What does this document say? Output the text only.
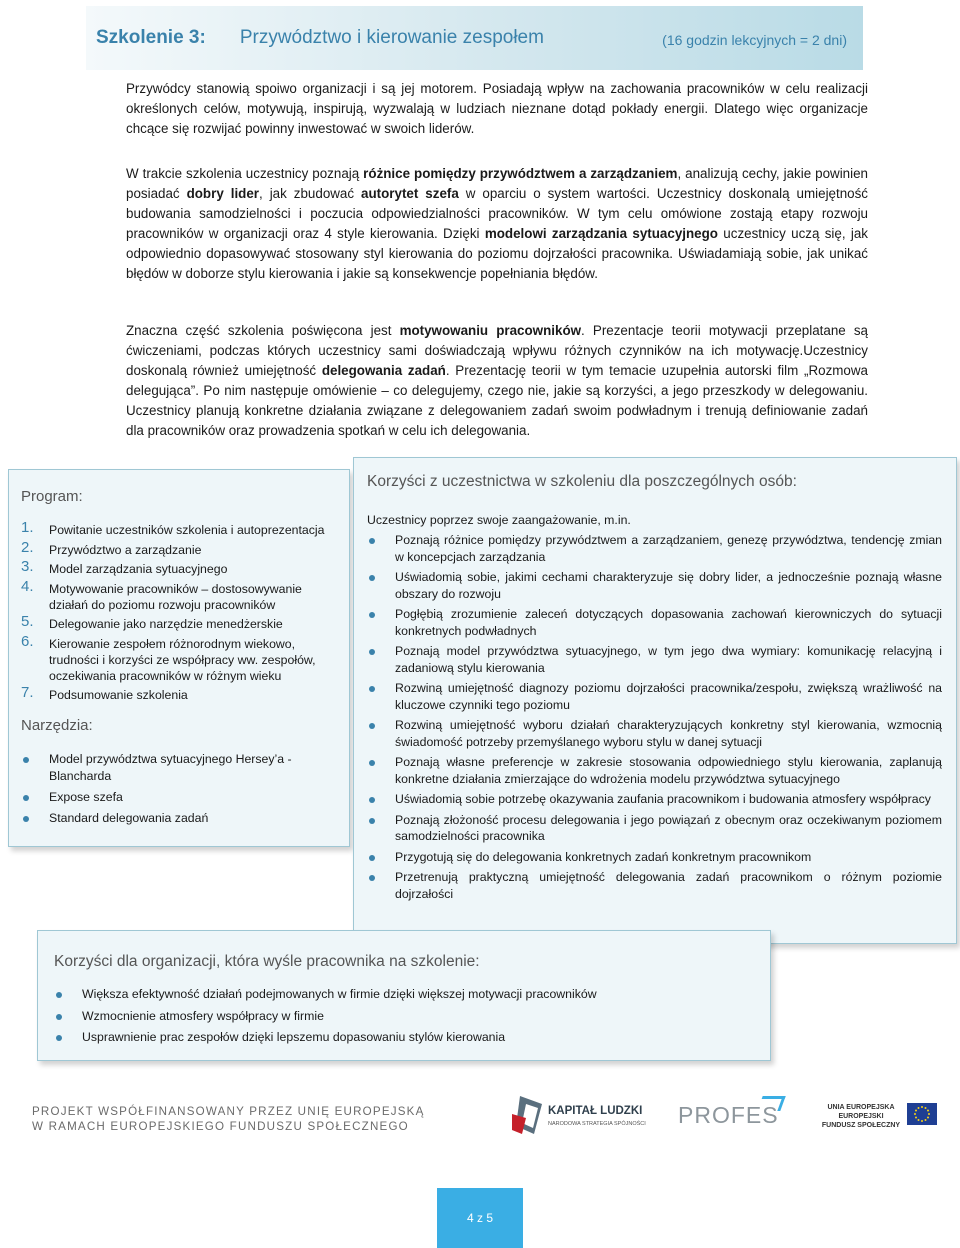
Szkolenie 3: Przywództwo i kierowanie zespołem	(16 godzin lekcyjnych = 2 dni)
Przywódcy stanowią spoiwo organizacji i są jej motorem. Posiadają wpływ na zachowania pracowników w celu realizacji określonych celów, motywują, inspirują, wyzwalają w ludziach nieznane dotąd pokłady energii. Dlatego więc organizacje chcące się rozwijać powinny inwestować w swoich liderów.
W trakcie szkolenia uczestnicy poznają różnice pomiędzy przywództwem a zarządzaniem, analizują cechy, jakie powinien posiadać dobry lider, jak zbudować autorytet szefa w oparciu o system wartości. Uczestnicy doskonalą umiejętność budowania samodzielności i poczucia odpowiedzialności pracowników. W tym celu omówione zostają etapy rozwoju pracowników w organizacji oraz 4 style kierowania. Dzięki modelowi zarządzania sytuacyjnego uczestnicy uczą się, jak odpowiednio dopasowywać stosowany styl kierowania do poziomu dojrzałości pracownika. Uświadamiają sobie, jak unikać błędów w doborze stylu kierowania i jakie są konsekwencje popełniania błędów.
Znaczna część szkolenia poświęcona jest motywowaniu pracowników. Prezentacje teorii motywacji przeplatane są ćwiczeniami, podczas których uczestnicy sami doświadczają wpływu różnych czynników na ich motywację.Uczestnicy doskonalą również umiejętność delegowania zadań. Prezentację teorii w tym temacie uzupełnia autorski film „Rozmowa delegująca”. Po nim następuje omówienie – co delegujemy, czego nie, jakie są korzyści, a jego przeszkody w delegowaniu. Uczestnicy planują konkretne działania związane z delegowaniem zadań swoim podwładnym i trenują definiowanie zadań dla pracowników oraz prowadzenia spotkań w celu ich delegowania.
Program:
1. Powitanie uczestników szkolenia i autoprezentacja
2. Przywództwo a zarządzanie
3. Model zarządzania sytuacyjnego
4. Motywowanie pracowników – dostosowywanie działań do poziomu rozwoju pracowników
5. Delegowanie jako narzędzie menedżerskie
6. Kierowanie zespołem różnorodnym wiekowo, trudności i korzyści ze współpracy ww. zespołów, oczekiwania pracowników w różnym wieku
7. Podsumowanie szkolenia
Narzędzia:
Model przywództwa sytuacyjnego Hersey’a - Blancharda
Expose szefa
Standard delegowania zadań
Korzyści z uczestnictwa w szkoleniu dla poszczególnych osób:
Uczestnicy poprzez swoje zaangażowanie, m.in.
Poznają różnice pomiędzy przywództwem a zarządzaniem, genezę przywództwa, tendencję zmian w koncepcjach zarządzania
Uświadomią sobie, jakimi cechami charakteryzuje się dobry lider, a jednocześnie poznają własne obszary do rozwoju
Pogłębią zrozumienie zaleceń dotyczących dopasowania zachowań kierowniczych do sytuacji konkretnych podwładnych
Poznają model przywództwa sytuacyjnego, w tym jego dwa wymiary: komunikację relacyjną i zadaniową stylu kierowania
Rozwiną umiejętność diagnozy poziomu dojrzałości pracownika/zespołu, zwiększą wrażliwość na kluczowe czynniki tego poziomu
Rozwiną umiejętność wyboru działań charakteryzujących konkretny styl kierowania, wzmocnią świadomość potrzeby przemyślanego wyboru stylu w danej sytuacji
Poznają własne preferencje w zakresie stosowania odpowiedniego stylu kierowania, zaplanują konkretne działania zmierzające do wdrożenia modelu przywództwa sytuacyjnego
Uświadomią sobie potrzebę okazywania zaufania pracownikom i budowania atmosfery współpracy
Poznają złożoność procesu delegowania i jego powiązań z obecnym oraz oczekiwanym poziomem samodzielności pracownika
Przygotują się do delegowania konkretnych zadań konkretnym pracownikom
Przetrenują praktyczną umiejętność delegowania zadań pracownikom o różnym poziomie dojrzałości
Korzyści dla organizacji, która wyśle pracownika na szkolenie:
Większa efektywność działań podejmowanych w firmie dzięki większej motywacji pracowników
Wzmocnienie atmosfery współpracy w firmie
Usprawnienie prac zespołów dzięki lepszemu dopasowaniu stylów kierowania
PROJEKT WSPÓŁFINANSOWANY PRZEZ UNIĘ EUROPEJSKĄ
W RAMACH EUROPEJSKIEGO FUNDUSZU SPOŁECZNEGO
KAPITAŁ LUDZKI
NARODOWA STRATEGIA SPÓJNOŚCI PROFES	UNIA EUROPEJSKA
EUROPEJSKI
FUNDUSZ SPOŁECZNY
4 z 5
